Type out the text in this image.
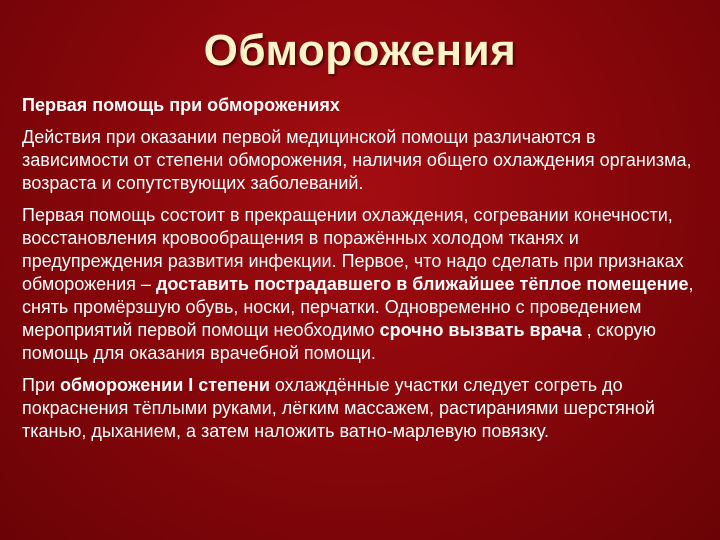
Обморожения
Первая помощь при обморожениях
Действия при оказании первой медицинской помощи различаются в зависимости от степени обморожения, наличия общего охлаждения организма, возраста и сопутствующих заболеваний.
Первая помощь состоит в прекращении охлаждения, согревании конечности, восстановления кровообращения в поражённых холодом тканях и предупреждения развития инфекции. Первое, что надо сделать при признаках обморожения – доставить пострадавшего в ближайшее тёплое помещение, снять промёрзшую обувь, носки, перчатки. Одновременно с проведением мероприятий первой помощи необходимо срочно вызвать врача , скорую помощь для оказания врачебной помощи.
При обморожении I степени охлаждённые участки следует согреть до покраснения тёплыми руками, лёгким массажем, растираниями шерстяной тканью, дыханием, а затем наложить ватно-марлевую повязку.
